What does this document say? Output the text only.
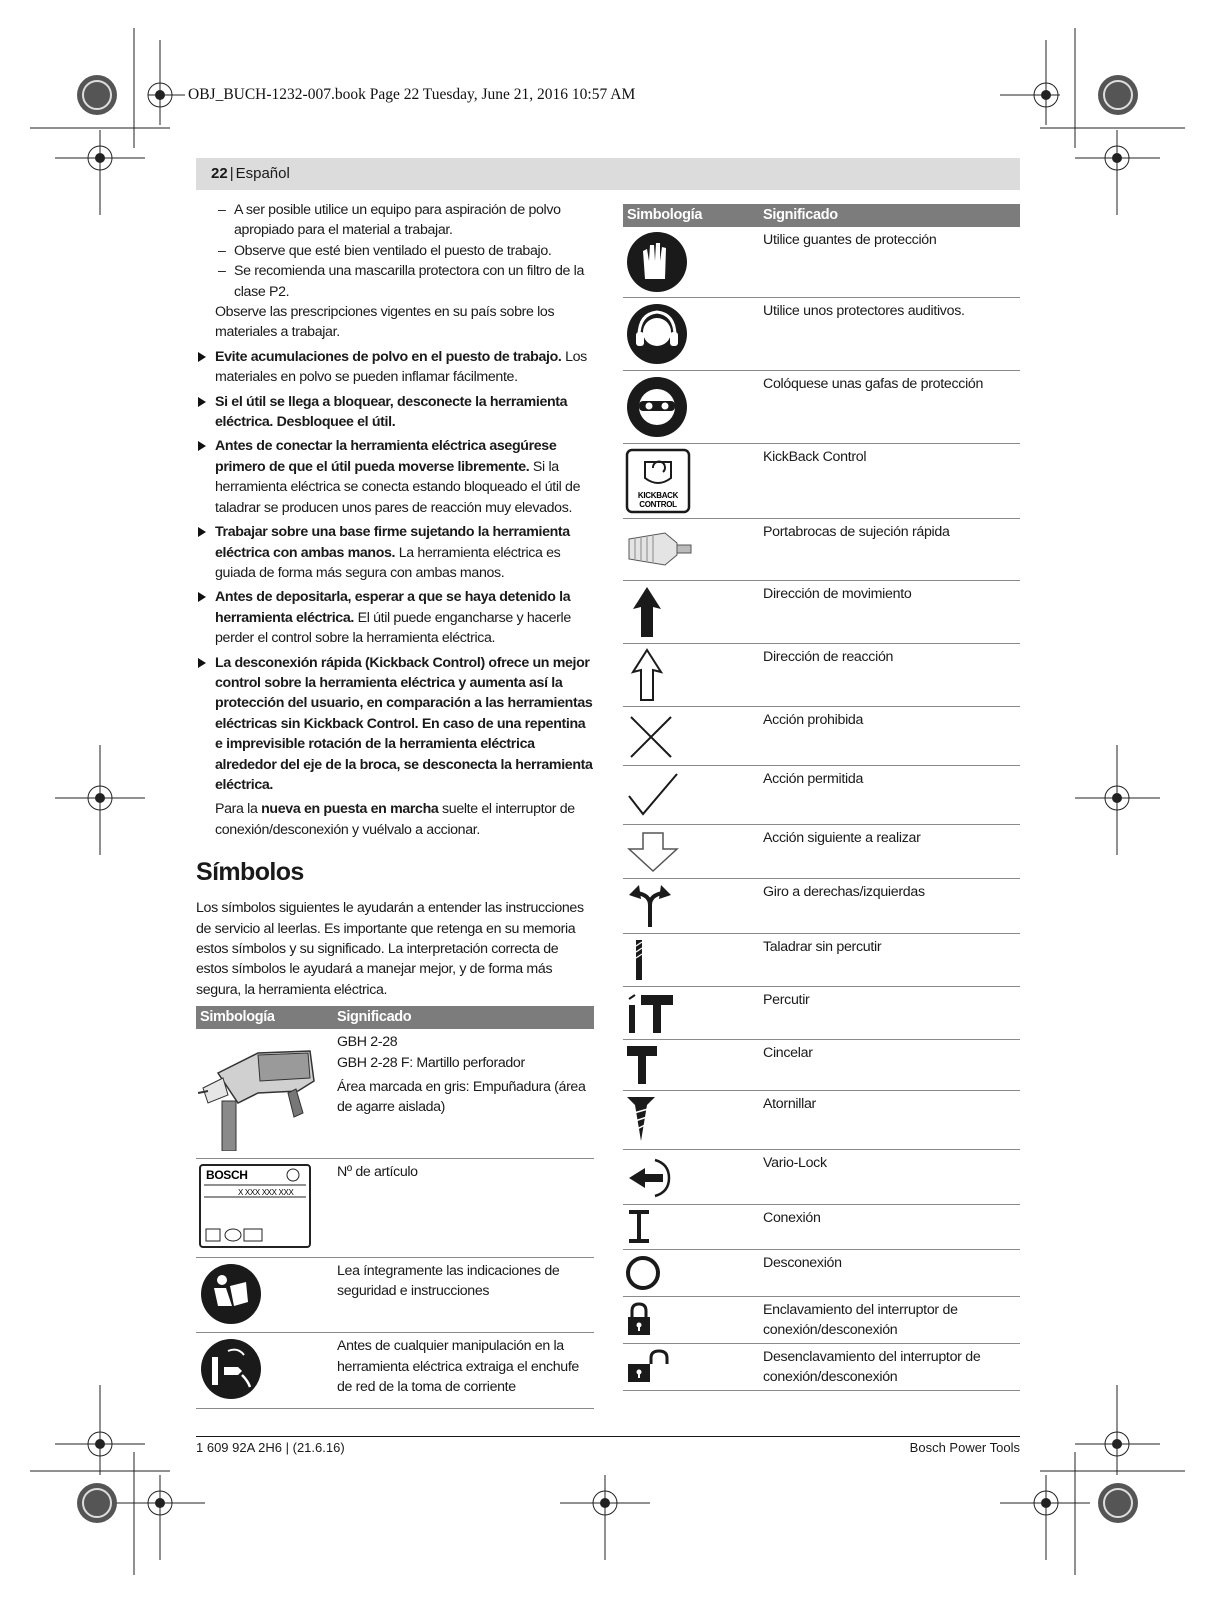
OBJ_BUCH-1232-007.book Page 22 Tuesday, June 21, 2016 10:57 AM
22 | Español
– A ser posible utilice un equipo para aspiración de polvo apropiado para el material a trabajar.
– Observe que esté bien ventilado el puesto de trabajo.
– Se recomienda una mascarilla protectora con un filtro de la clase P2.
Observe las prescripciones vigentes en su país sobre los materiales a trabajar.
Evite acumulaciones de polvo en el puesto de trabajo. Los materiales en polvo se pueden inflamar fácilmente.
Si el útil se llega a bloquear, desconecte la herramienta eléctrica. Desbloquee el útil.
Antes de conectar la herramienta eléctrica asegúrese primero de que el útil pueda moverse libremente. Si la herramienta eléctrica se conecta estando bloqueado el útil de taladrar se producen unos pares de reacción muy elevados.
Trabajar sobre una base firme sujetando la herramienta eléctrica con ambas manos. La herramienta eléctrica es guiada de forma más segura con ambas manos.
Antes de depositarla, esperar a que se haya detenido la herramienta eléctrica. El útil puede engancharse y hacerle perder el control sobre la herramienta eléctrica.
La desconexión rápida (Kickback Control) ofrece un mejor control sobre la herramienta eléctrica y aumenta así la protección del usuario, en comparación a las herramientas eléctricas sin Kickback Control. En caso de una repentina e imprevisible rotación de la herramienta eléctrica alrededor del eje de la broca, se desconecta la herramienta eléctrica.
Para la nueva en puesta en marcha suelte el interruptor de conexión/desconexión y vuélvalo a accionar.
Símbolos
Los símbolos siguientes le ayudarán a entender las instrucciones de servicio al leerlas. Es importante que retenga en su memoria estos símbolos y su significado. La interpretación correcta de estos símbolos le ayudará a manejar mejor, y de forma más segura, la herramienta eléctrica.
Simbología	Significado

GBH 2-28
GBH 2-28 F: Martillo perforador
Área marcada en gris: Empuñadura (área de agarre aislada)

BOSCH
X XXX XXX XXX	Nº de artículo

Lea íntegramente las indicaciones de seguridad e instrucciones

Antes de cualquier manipulación en la herramienta eléctrica extraiga el enchufe de red de la toma de corriente
Simbología	Significado

	Utilice guantes de protección

	Utilice unos protectores auditivos.

	Colóquese unas gafas de protección

KICKBACK
CONTROL	KickBack Control

	Portabrocas de sujeción rápida

	Dirección de movimiento

	Dirección de reacción

	Acción prohibida

	Acción permitida

	Acción siguiente a realizar

	Giro a derechas/izquierdas

	Taladrar sin percutir

	Percutir

	Cincelar

	Atornillar

	Vario-Lock

	Conexión

	Desconexión

	Enclavamiento del interruptor de conexión/desconexión

	Desenclavamiento del interruptor de conexión/desconexión
1 609 92A 2H6 | (21.6.16)	Bosch Power Tools
